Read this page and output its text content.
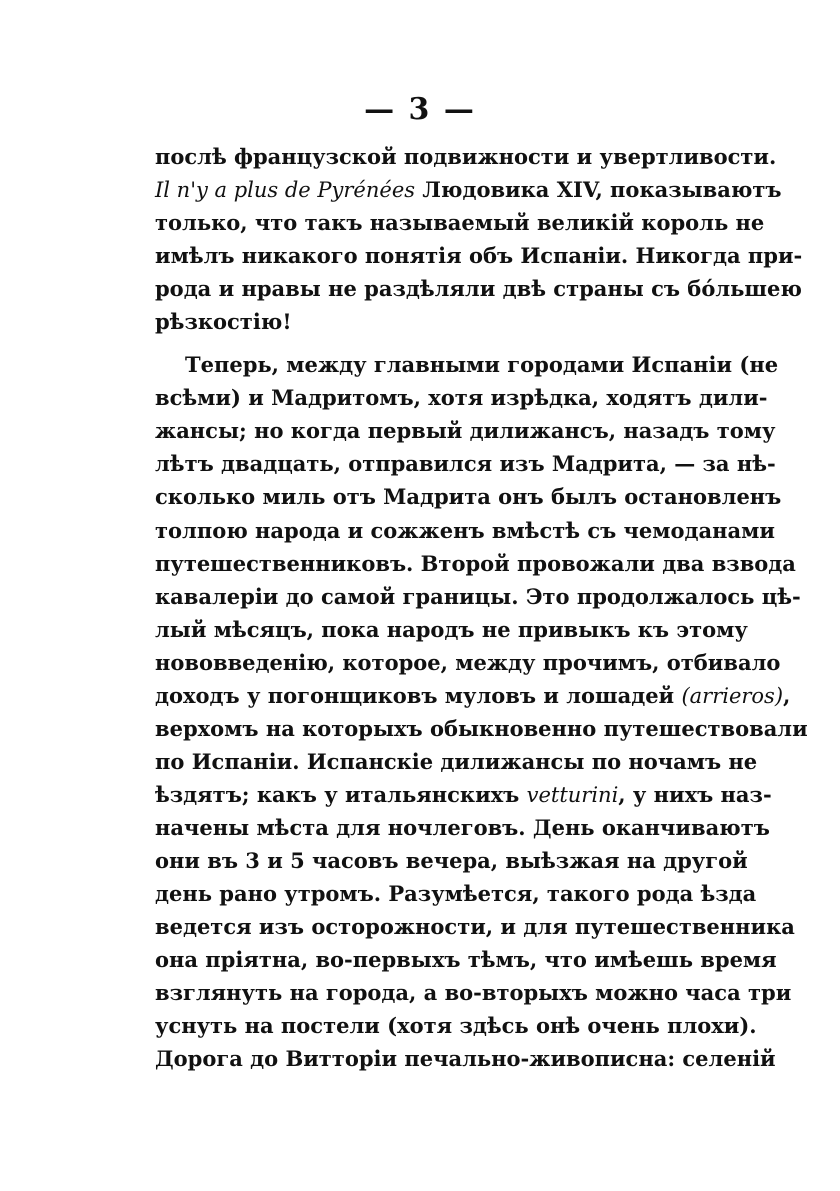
— 3 —
послѣ французской подвижности и увертливости.
Il n'y a plus de Pyrénées Людовика XIV, показываютъ
только, что такъ называемый великій король не
имѣлъ никакого понятія объ Испаніи. Никогда при-
рода и нравы не раздѣляли двѣ страны съ бóльшею
рѣзкостію!
Теперь, между главными городами Испаніи (не
всѣми) и Мадритомъ, хотя изрѣдка, ходятъ дили-
жансы; но когда первый дилижансъ, назадъ тому
лѣтъ двадцать, отправился изъ Мадрита, — за нѣ-
сколько миль отъ Мадрита онъ былъ остановленъ
толпою народа и сожженъ вмѣстѣ съ чемоданами
путешественниковъ. Второй провожали два взвода
кавалеріи до самой границы. Это продолжалось цѣ-
лый мѣсяцъ, пока народъ не привыкъ къ этому
нововведенію, которое, между прочимъ, отбивало
доходъ у погонщиковъ муловъ и лошадей (arrieros),
верхомъ на которыхъ обыкновенно путешествовали
по Испаніи. Испанскіе дилижансы по ночамъ не
ѣздятъ; какъ у итальянскихъ vetturini, у нихъ наз-
начены мѣста для ночлеговъ. День оканчиваютъ
они въ 3 и 5 часовъ вечера, выѣзжая на другой
день рано утромъ. Разумѣется, такого рода ѣзда
ведется изъ осторожности, и для путешественника
она пріятна, во-первыхъ тѣмъ, что имѣешь время
взглянуть на города, а во-вторыхъ можно часа три
уснуть на постели (хотя здѣсь онѣ очень плохи).
Дорога до Витторіи печально-живописна: селеній
